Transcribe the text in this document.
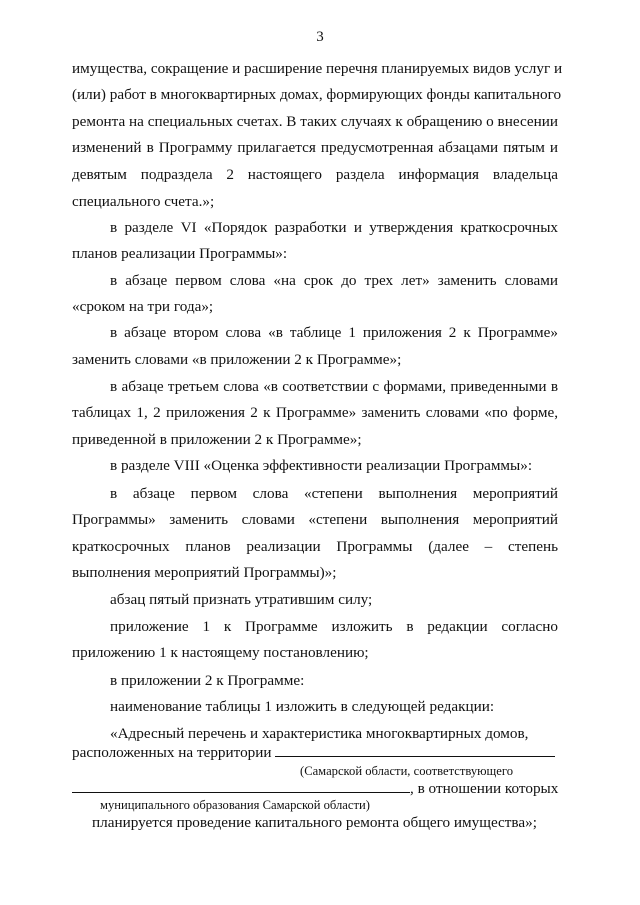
3
имущества, сокращение и расширение перечня планируемых видов услуг и
(или) работ в многоквартирных домах, формирующих фонды капитального
ремонта на специальных счетах. В таких случаях к обращению о внесении
изменений в Программу прилагается предусмотренная абзацами пятым и
девятым подраздела 2 настоящего раздела информация владельца
специального счета.»;
в разделе VI «Порядок разработки и утверждения краткосрочных
планов реализации Программы»:
в абзаце первом слова «на срок до трех лет» заменить словами
«сроком на три года»;
в абзаце втором слова «в таблице 1 приложения 2 к Программе»
заменить словами «в приложении 2 к Программе»;
в абзаце третьем слова «в соответствии с формами, приведенными в
таблицах 1, 2 приложения 2 к Программе» заменить словами «по форме,
приведенной в приложении 2 к Программе»;
в разделе VIII «Оценка эффективности реализации Программы»:
в абзаце первом слова «степени выполнения мероприятий
Программы» заменить словами «степени выполнения мероприятий
краткосрочных планов реализации Программы (далее – степень
выполнения мероприятий Программы)»;
абзац пятый признать утратившим силу;
приложение 1 к Программе изложить в редакции согласно
приложению 1 к настоящему постановлению;
в приложении 2 к Программе:
наименование таблицы 1 изложить в следующей редакции:
«Адресный перечень и характеристика многоквартирных домов,
расположенных на территории
(Самарской области, соответствующего
, в отношении которых
муниципального образования Самарской области)
планируется проведение капитального ремонта общего имущества»;
